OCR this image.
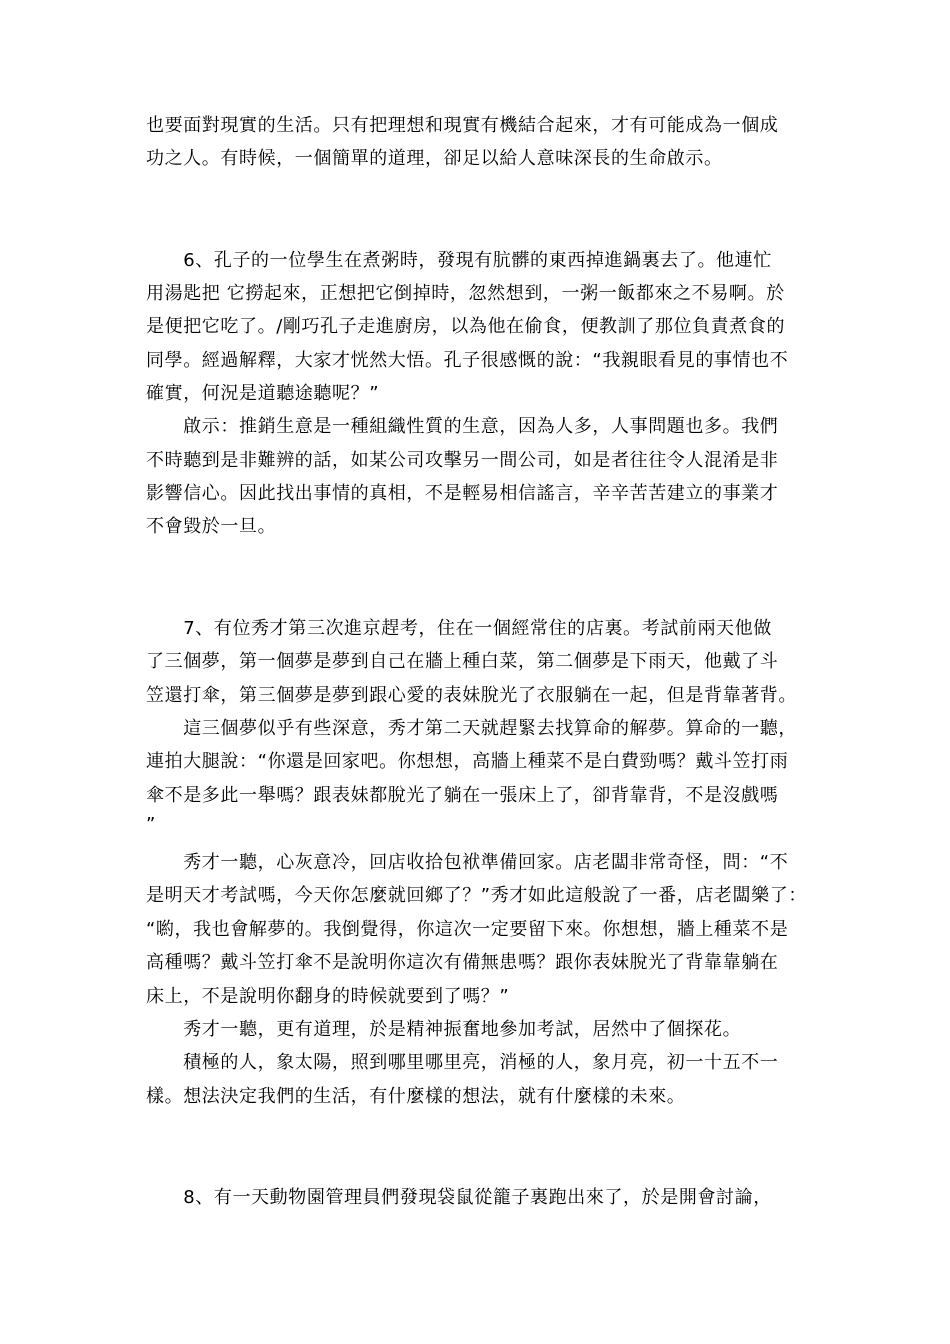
也要面對現實的生活。只有把理想和現實有機結合起來，才有可能成為一個成
功之人。有時候，一個簡單的道理，卻足以給人意味深長的生命啟示。
　　6、孔子的一位學生在煮粥時，發現有肮髒的東西掉進鍋裏去了。他連忙
用湯匙把 它撈起來，正想把它倒掉時，忽然想到，一粥一飯都來之不易啊。於
是便把它吃了。/剛巧孔子走進廚房，以為他在偷食，便教訓了那位負責煮食的
同學。經過解釋，大家才恍然大悟。孔子很感慨的說：“我親眼看見的事情也不
確實，何況是道聽途聽呢？”
　　啟示：推銷生意是一種組織性質的生意，因為人多，人事問題也多。我們
不時聽到是非難辨的話，如某公司攻擊另一間公司，如是者往往令人混淆是非
影響信心。因此找出事情的真相，不是輕易相信謠言，辛辛苦苦建立的事業才
不會毀於一旦。
　　7、有位秀才第三次進京趕考，住在一個經常住的店裏。考試前兩天他做
了三個夢，第一個夢是夢到自己在牆上種白菜，第二個夢是下雨天，他戴了斗
笠還打傘，第三個夢是夢到跟心愛的表妹脫光了衣服躺在一起，但是背靠著背。
　　這三個夢似乎有些深意，秀才第二天就趕緊去找算命的解夢。算命的一聽，
連拍大腿說：“你還是回家吧。你想想，高牆上種菜不是白費勁嗎？戴斗笠打雨
傘不是多此一舉嗎？跟表妹都脫光了躺在一張床上了，卻背靠背，不是沒戲嗎
”
　　秀才一聽，心灰意冷，回店收拾包袱準備回家。店老闆非常奇怪，問：“不
是明天才考試嗎，今天你怎麼就回鄉了？”秀才如此這般說了一番，店老闆樂了：
“喲，我也會解夢的。我倒覺得，你這次一定要留下來。你想想，牆上種菜不是
高種嗎？戴斗笠打傘不是說明你這次有備無患嗎？跟你表妹脫光了背靠靠躺在
床上，不是說明你翻身的時候就要到了嗎？”
　　秀才一聽，更有道理，於是精神振奮地參加考試，居然中了個探花。
　　積極的人，象太陽，照到哪里哪里亮，消極的人，象月亮，初一十五不一
樣。想法決定我們的生活，有什麼樣的想法，就有什麼樣的未來。
　　8、有一天動物園管理員們發現袋鼠從籠子裏跑出來了，於是開會討論，
